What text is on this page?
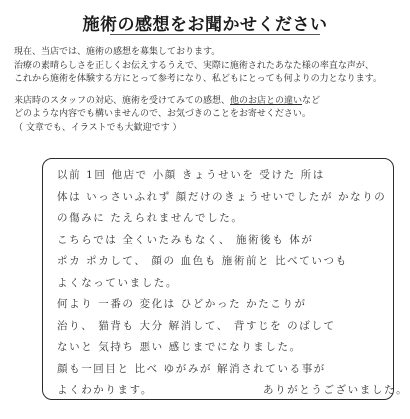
施術の感想をお聞かせください
現在、当店では、施術の感想を募集しております。
治療の素晴らしさを正しくお伝えするうえで、実際に施術されたあなた様の率直な声が、
これから施術を体験する方にとって参考になり、私どもにとっても何よりの力となります。
来店時のスタッフの対応、施術を受けてみての感想、他のお店との違いなど
どのような内容でも構いませんので、お気づきのことをお寄せください。
（ 文章でも、イラストでも大歓迎です ）
以前 1回 他店で 小顔 きょうせいを 受けた 所は
体は いっさいふれず 顔だけのきょうせいでしたが かなりの
の傷みに たえられませんでした。
こちらでは 全くいたみもなく、 施術後も 体が
ポカ ポカして、 顔の 血色も 施術前と 比べていつも
よくなっていました。
何より 一番の 変化は ひどかった かたこりが
治り、 猫背も 大分 解消して、 背すじを のばして
ないと 気持ち 悪い 感じまでになりました。
顔も一回目と 比べ ゆがみが 解消されている事が
よくわかります。	ありがとうございました。
